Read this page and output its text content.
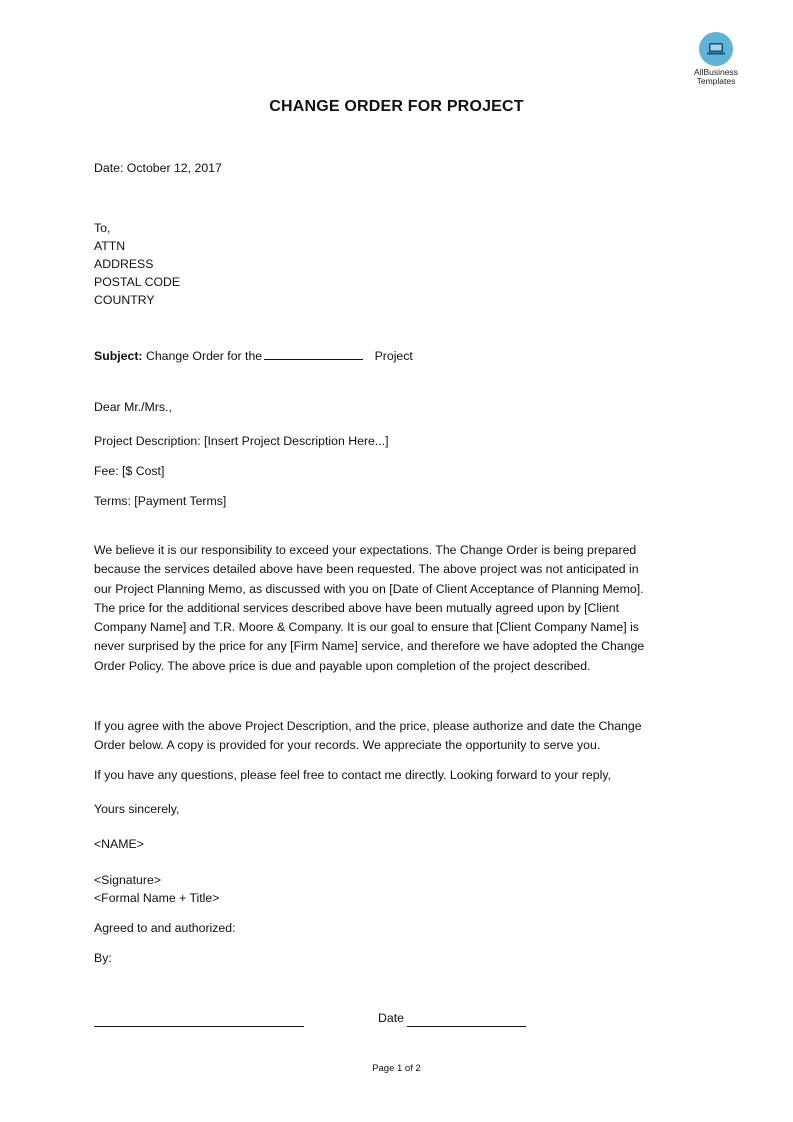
AllBusiness
Templates
CHANGE ORDER FOR PROJECT
Date: October 12, 2017
To,
ATTN
ADDRESS
POSTAL CODE
COUNTRY
Subject: Change Order for the	Project
Dear Mr./Mrs.,
Project Description: [Insert Project Description Here...]
Fee: [$ Cost]
Terms: [Payment Terms]
We believe it is our responsibility to exceed your expectations. The Change Order is being prepared
because the services detailed above have been requested. The above project was not anticipated in
our Project Planning Memo, as discussed with you on [Date of Client Acceptance of Planning Memo].
The price for the additional services described above have been mutually agreed upon by [Client
Company Name] and T.R. Moore & Company. It is our goal to ensure that [Client Company Name] is
never surprised by the price for any [Firm Name] service, and therefore we have adopted the Change
Order Policy. The above price is due and payable upon completion of the project described.
If you agree with the above Project Description, and the price, please authorize and date the Change
Order below. A copy is provided for your records. We appreciate the opportunity to serve you.
If you have any questions, please feel free to contact me directly. Looking forward to your reply,
Yours sincerely,
<NAME>
<Signature>
<Formal Name + Title>
Agreed to and authorized:
By:
Date
Page 1 of 2
